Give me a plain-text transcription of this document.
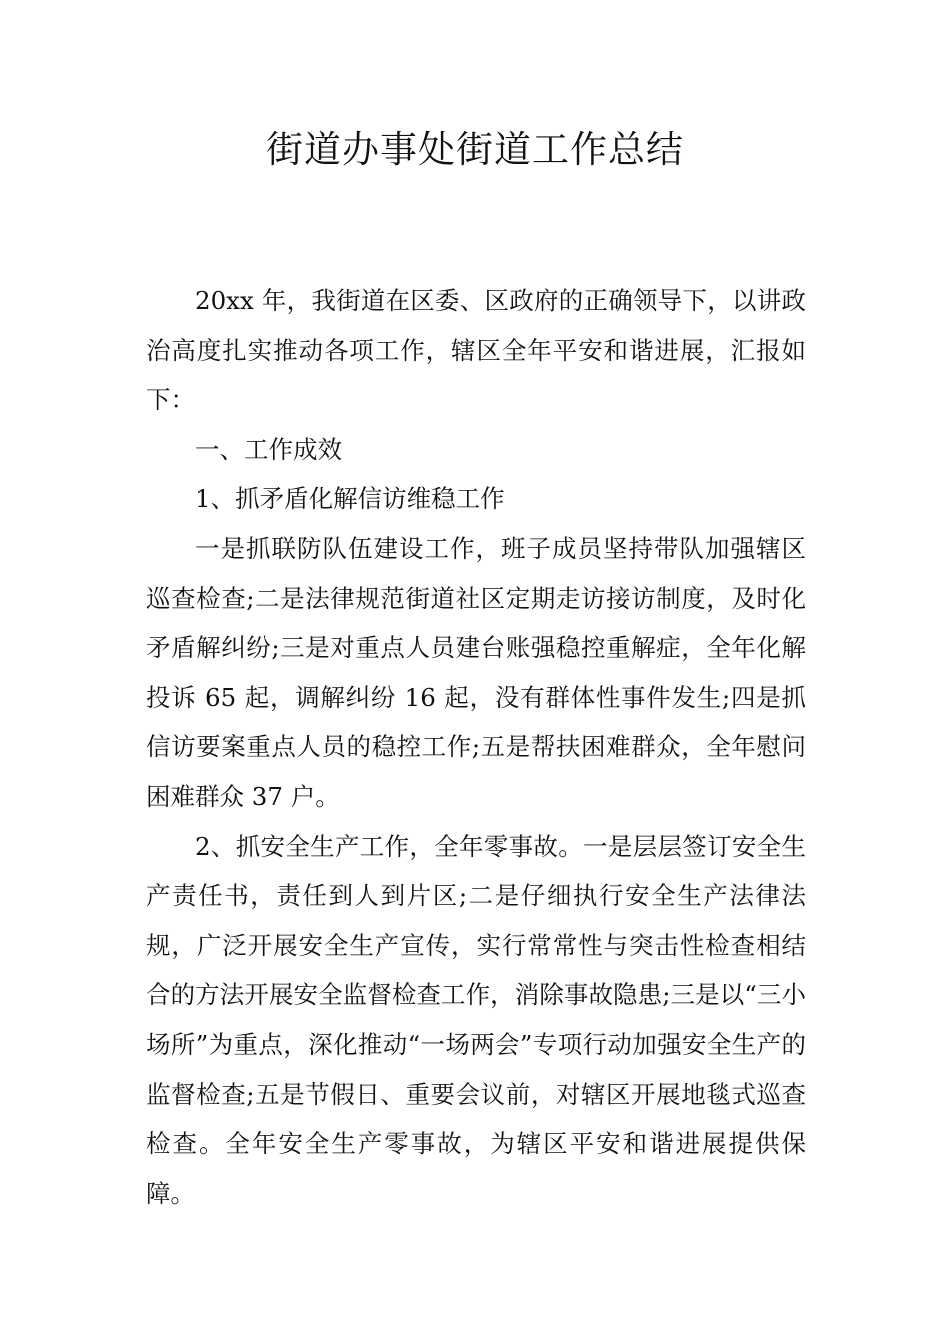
街道办事处街道工作总结

20xx 年，我街道在区委、区政府的正确领导下，以讲政治高度扎实推动各项工作，辖区全年平安和谐进展，汇报如下：

一、工作成效

1、抓矛盾化解信访维稳工作

一是抓联防队伍建设工作，班子成员坚持带队加强辖区巡查检查;二是法律规范街道社区定期走访接访制度，及时化矛盾解纠纷;三是对重点人员建台账强稳控重解症，全年化解投诉 65 起，调解纠纷 16 起，没有群体性事件发生;四是抓信访要案重点人员的稳控工作;五是帮扶困难群众，全年慰问困难群众 37 户。

2、抓安全生产工作，全年零事故。一是层层签订安全生产责任书，责任到人到片区;二是仔细执行安全生产法律法规，广泛开展安全生产宣传，实行常常性与突击性检查相结合的方法开展安全监督检查工作，消除事故隐患;三是以“三小场所”为重点，深化推动“一场两会”专项行动加强安全生产的监督检查;五是节假日、重要会议前，对辖区开展地毯式巡查检查。全年安全生产零事故，为辖区平安和谐进展提供保障。
